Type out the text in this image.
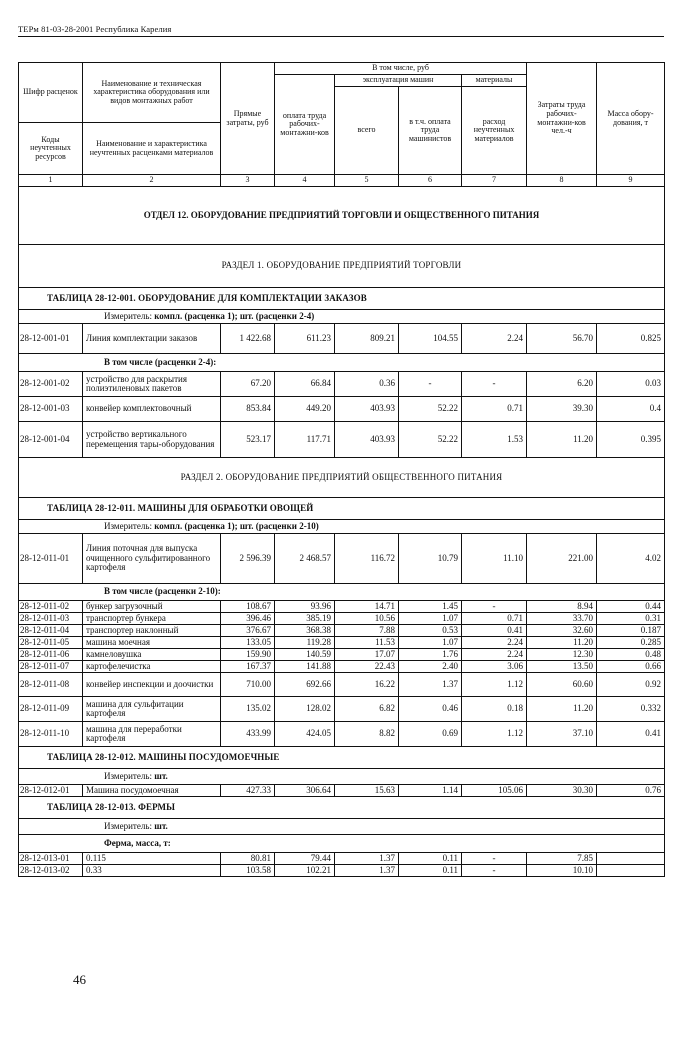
ТЕРм 81-03-28-2001 Республика Карелия
Шифр расценок	Наименование и техническая характеристика оборудования или видов монтажных работ	Прямые затраты, руб	В том числе, руб				Затраты труда рабочих-монтажни-ков чел.-ч	Масса обору-дования, т
			оплата труда рабочих-монтажни-ков	эксплуатация машин		материалы		
				всего	в т.ч. оплата труда машинистов	расход неучтенных материалов		

Коды неучтенных ресурсов	Наименование и характеристика неучтенных расценками материалов							

1	2	3	4	5	6	7	8	9
ОТДЕЛ 12. ОБОРУДОВАНИЕ ПРЕДПРИЯТИЙ ТОРГОВЛИ И ОБЩЕСТВЕННОГО ПИТАНИЯ								
РАЗДЕЛ 1. ОБОРУДОВАНИЕ ПРЕДПРИЯТИЙ ТОРГОВЛИ								
ТАБЛИЦА 28-12-001. ОБОРУДОВАНИЕ ДЛЯ КОМПЛЕКТАЦИИ ЗАКАЗОВ								
Измеритель: компл. (расценка 1); шт. (расценки 2-4)								
28-12-001-01	Линия комплектации заказов	1 422.68	611.23	809.21	104.55	2.24	56.70	0.825
В том числе (расценки 2-4):								
28-12-001-02	устройство для раскрытия полиэтиленовых пакетов	67.20	66.84	0.36	-	-	6.20	0.03
28-12-001-03	конвейер комплектовочный	853.84	449.20	403.93	52.22	0.71	39.30	0.4
28-12-001-04	устройство вертикального перемещения тары-оборудования	523.17	117.71	403.93	52.22	1.53	11.20	0.395
РАЗДЕЛ 2. ОБОРУДОВАНИЕ ПРЕДПРИЯТИЙ ОБЩЕСТВЕННОГО ПИТАНИЯ								
ТАБЛИЦА 28-12-011. МАШИНЫ ДЛЯ ОБРАБОТКИ ОВОЩЕЙ								
Измеритель: компл. (расценка 1); шт. (расценки 2-10)								
28-12-011-01	Линия поточная для выпуска очищенного сульфитированного картофеля	2 596.39	2 468.57	116.72	10.79	11.10	221.00	4.02
В том числе (расценки 2-10):								
28-12-011-02	бункер загрузочный	108.67	93.96	14.71	1.45	-	8.94	0.44
28-12-011-03	транспортер бункера	396.46	385.19	10.56	1.07	0.71	33.70	0.31
28-12-011-04	транспортер наклонный	376.67	368.38	7.88	0.53	0.41	32.60	0.187
28-12-011-05	машина моечная	133.05	119.28	11.53	1.07	2.24	11.20	0.285
28-12-011-06	камнеловушка	159.90	140.59	17.07	1.76	2.24	12.30	0.48
28-12-011-07	картофелечистка	167.37	141.88	22.43	2.40	3.06	13.50	0.66
28-12-011-08	конвейер инспекции и доочистки	710.00	692.66	16.22	1.37	1.12	60.60	0.92
28-12-011-09	машина для сульфитации картофеля	135.02	128.02	6.82	0.46	0.18	11.20	0.332
28-12-011-10	машина для переработки картофеля	433.99	424.05	8.82	0.69	1.12	37.10	0.41
ТАБЛИЦА 28-12-012. МАШИНЫ ПОСУДОМОЕЧНЫЕ								
Измеритель: шт.								
28-12-012-01	Машина посудомоечная	427.33	306.64	15.63	1.14	105.06	30.30	0.76
ТАБЛИЦА 28-12-013. ФЕРМЫ								
Измеритель: шт.								
Ферма, масса, т:								
28-12-013-01	0.115	80.81	79.44	1.37	0.11	-	7.85	
28-12-013-02	0.33	103.58	102.21	1.37	0.11	-	10.10	
46
